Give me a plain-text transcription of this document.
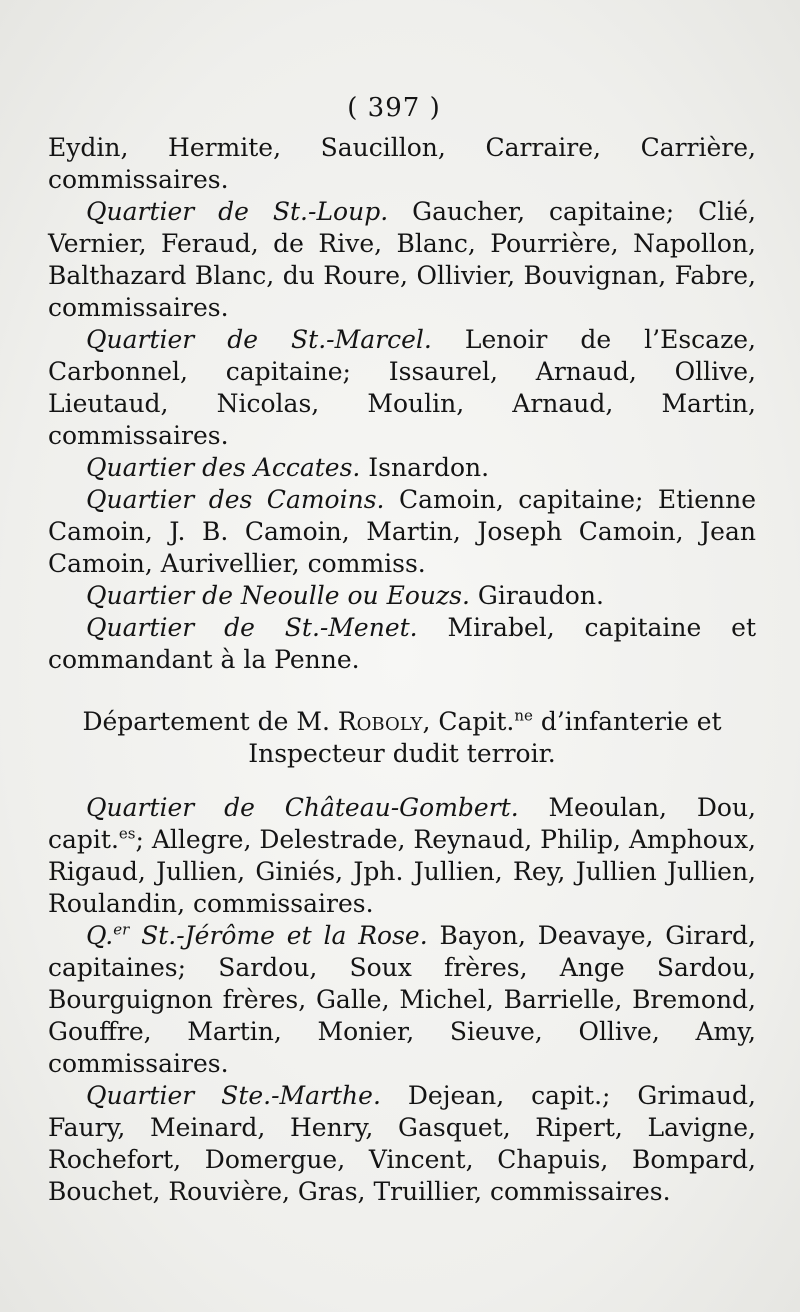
( 397 )

Eydin, Hermite, Saucillon, Carraire, Carrière, commissaires.

Quartier de St.-Loup. Gaucher, capitaine; Clié, Vernier, Feraud, de Rive, Blanc, Pourrière, Napollon, Balthazard Blanc, du Roure, Ollivier, Bouvignan, Fabre, commissaires.

Quartier de St.-Marcel. Lenoir de l’Escaze, Carbonnel, capitaine; Issaurel, Arnaud, Ollive, Lieutaud, Nicolas, Moulin, Arnaud, Martin, commissaires.

Quartier des Accates. Isnardon.

Quartier des Camoins. Camoin, capitaine; Etienne Camoin, J. B. Camoin, Martin, Joseph Camoin, Jean Camoin, Aurivellier, commiss.

Quartier de Neoulle ou Eouzs. Giraudon.

Quartier de St.-Menet. Mirabel, capitaine et commandant à la Penne.

Département de M. Roboly, Capit.$^{ne}$ d’infanterie et Inspecteur dudit terroir.

Quartier de Château-Gombert. Meoulan, Dou, capit.$^{es}$; Allegre, Delestrade, Reynaud, Philip, Amphoux, Rigaud, Jullien, Giniés, Jph. Jullien, Rey, Jullien Jullien, Roulandin, commissaires.

Q.$^{er}$ St.-Jérôme et la Rose. Bayon, Deavaye, Girard, capitaines; Sardou, Soux frères, Ange Sardou, Bourguignon frères, Galle, Michel, Barrielle, Bremond, Gouffre, Martin, Monier, Sieuve, Ollive, Amy, commissaires.

Quartier Ste.-Marthe. Dejean, capit.; Grimaud, Faury, Meinard, Henry, Gasquet, Ripert, Lavigne, Rochefort, Domergue, Vincent, Chapuis, Bompard, Bouchet, Rouvière, Gras, Truillier, commissaires.
